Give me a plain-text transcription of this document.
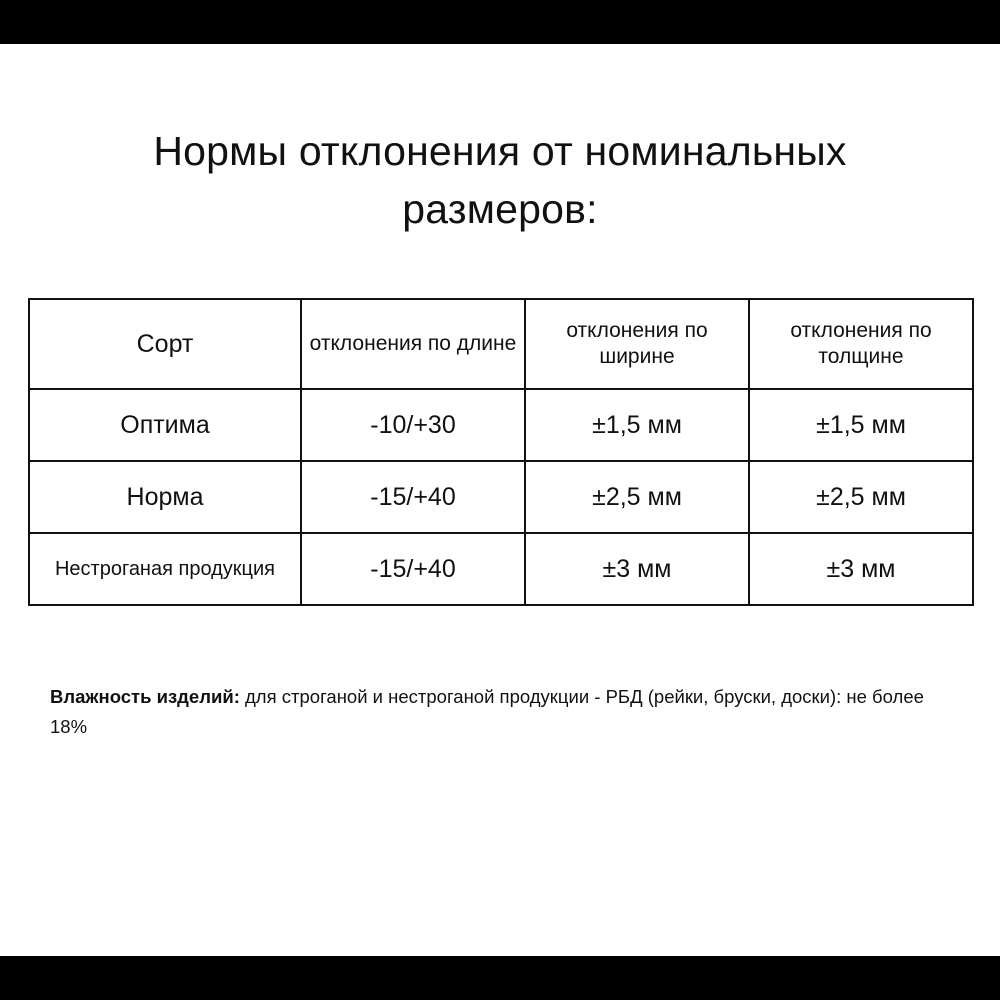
Нормы отклонения от номинальных размеров:
Сорт	отклонения по длине	отклонения по ширине	отклонения по толщине
Оптима	-10/+30	±1,5 мм	±1,5 мм
Норма	-15/+40	±2,5 мм	±2,5 мм
Нестроганая продукция	-15/+40	±3 мм	±3 мм

Влажность изделий: для строганой и нестроганой продукции - РБД (рейки, бруски, доски): не более 18%
